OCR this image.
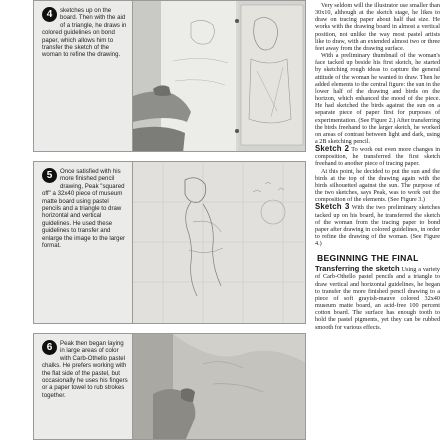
4	sketches up on the board. Then with the aid of a triangle, he draws in colored guidelines on bond paper, which allows him to transfer the sketch of the woman to refine the drawing.
5	Once satisfied with his more finished pencil drawing, Peak "squared off" a 32x40 piece of museum matte board using pastel pencils and a triangle to draw horizontal and vertical guidelines. He used these guidelines to transfer and enlarge the image to the larger format.
6	Peak then began laying in large areas of color with Carb-Othello pastel chalks. He prefers working with the flat side of the pastel, but occasionally he uses his fingers or a paper towel to rub strokes together.

Very seldom will the illustrator use smaller than 30x10, although at the sketch stage, he likes to draw on tracing paper about half that size. He works with the drawing board in almost a vertical position, not unlike the way most pastel artists like to draw, with an extended almost two or three feet away from the drawing surface.

With a preliminary thumbnail of the woman's face tacked up beside his first sketch, he started by sketching rough ideas to capture the general attitude of the woman he wanted to draw. Then he added elements to the central figure: the sun in the lower half of the drawing and birds on the horizon, which enhanced the mood of the piece. He had sketched the birds against the sun on a separate piece of paper first for purposes of experimentation. (See Figure 2.) After transferring the birds freehand to the larger sketch, he worked on areas of contrast between light and dark, using a 2B sketching pencil.

Sketch 2 To work out even more changes in composition, he transferred the first sketch freehand to another piece of tracing paper.

At this point, he decided to put the sun and the birds at the top of the drawing again with the birds silhouetted against the sun. The purpose of the two sketches, says Peak, was to work out the composition of the elements. (See Figure 3.)

Sketch 3 With the two preliminary sketches tacked up on his board, he transferred the sketch of the woman from the tracing paper to bond paper after drawing in colored guidelines, in order to refine the drawing of the woman. (See Figure 4.)

BEGINNING THE FINAL

Transferring the sketch Using a variety of Carb-Othello pastel pencils and a triangle to draw vertical and horizontal guidelines, he began to transfer the more finished pencil drawing to a piece of soft grayish-mauve colored 32x40 museum matte board, an acid-free 100 percent cotton board. The surface has enough tooth to hold the pastel pigments, yet they can be rubbed smooth for various effects.
